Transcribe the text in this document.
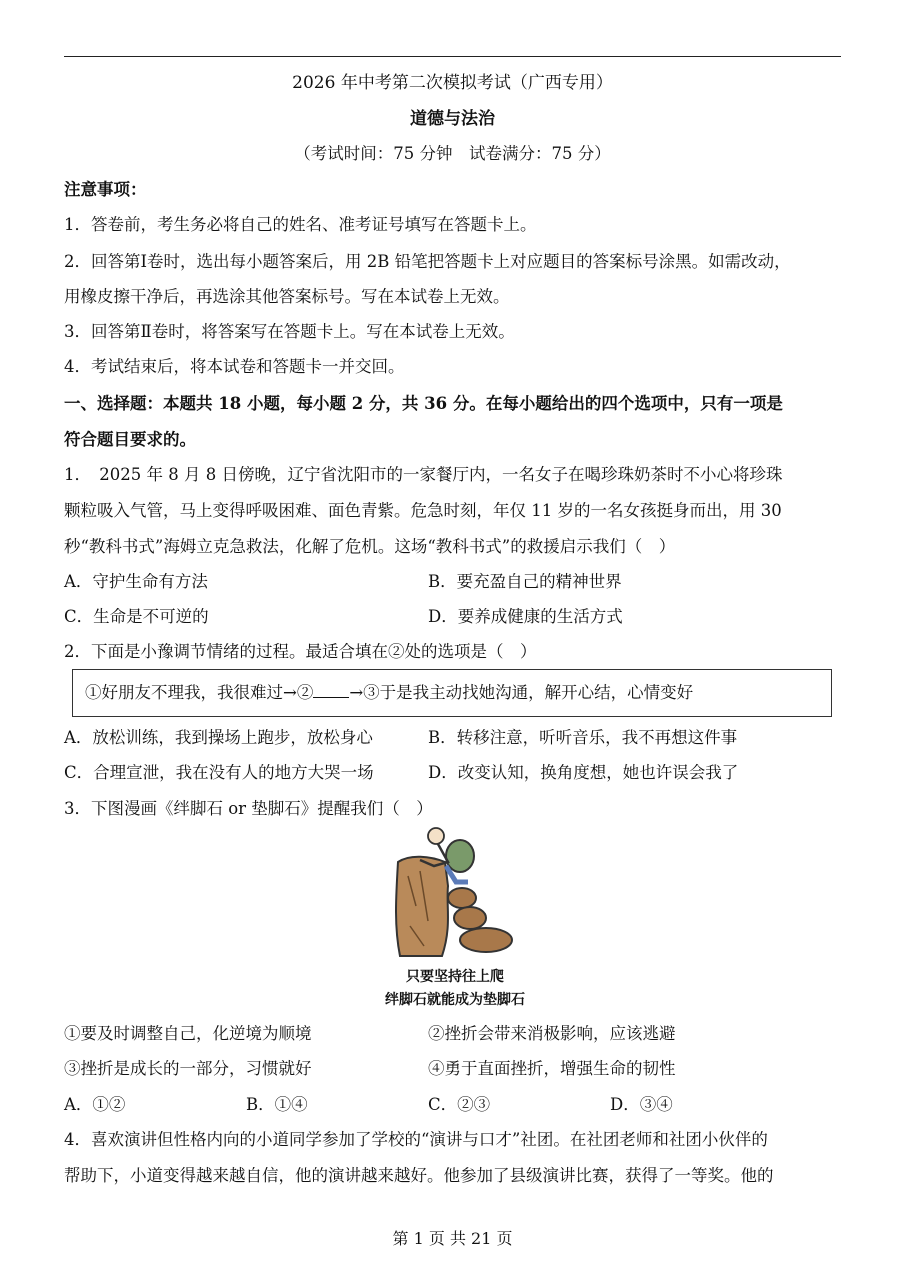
2026 年中考第二次模拟考试（广西专用）
道德与法治
（考试时间：75 分钟　试卷满分：75 分）
注意事项：
1．答卷前，考生务必将自己的姓名、准考证号填写在答题卡上。
2．回答第Ⅰ卷时，选出每小题答案后，用 2B 铅笔把答题卡上对应题目的答案标号涂黑。如需改动，
用橡皮擦干净后，再选涂其他答案标号。写在本试卷上无效。
3．回答第Ⅱ卷时，将答案写在答题卡上。写在本试卷上无效。
4．考试结束后，将本试卷和答题卡一并交回。
一、选择题：本题共 18 小题，每小题 2 分，共 36 分。在每小题给出的四个选项中，只有一项是
符合题目要求的。
1．　2025 年 8 月 8 日傍晚，辽宁省沈阳市的一家餐厅内，一名女子在喝珍珠奶茶时不小心将珍珠
颗粒吸入气管，马上变得呼吸困难、面色青紫。危急时刻，年仅 11 岁的一名女孩挺身而出，用 30
秒“教科书式”海姆立克急救法，化解了危机。这场“教科书式”的救援启示我们（　）
A．守护生命有方法	B．要充盈自己的精神世界
C．生命是不可逆的	D．要养成健康的生活方式
2．下面是小豫调节情绪的过程。最适合填在②处的选项是（　）
①好朋友不理我，我很难过→② →③于是我主动找她沟通，解开心结，心情变好
A．放松训练，我到操场上跑步，放松身心	B．转移注意，听听音乐，我不再想这件事
C．合理宣泄，我在没有人的地方大哭一场	D．改变认知，换角度想，她也许误会我了
3．下图漫画《绊脚石 or 垫脚石》提醒我们（　）
只要坚持往上爬
绊脚石就能成为垫脚石
①要及时调整自己，化逆境为顺境	②挫折会带来消极影响，应该逃避
③挫折是成长的一部分，习惯就好	④勇于直面挫折，增强生命的韧性
A．①②	B．①④	C．②③	D．③④
4．喜欢演讲但性格内向的小道同学参加了学校的“演讲与口才”社团。在社团老师和社团小伙伴的
帮助下，小道变得越来越自信，他的演讲越来越好。他参加了县级演讲比赛，获得了一等奖。他的
第 1 页 共 21 页
